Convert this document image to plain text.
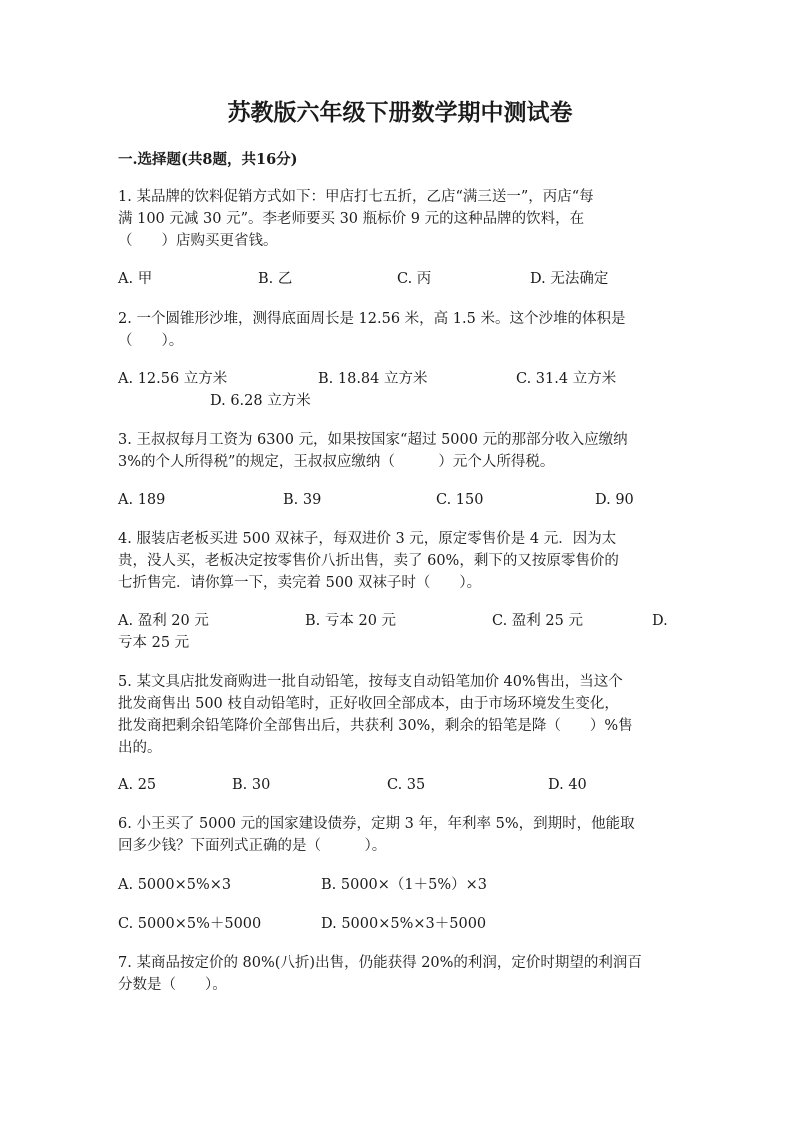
苏教版六年级下册数学期中测试卷
一.选择题(共8题，共16分)
1. 某品牌的饮料促销方式如下：甲店打七五折，乙店“满三送一”，丙店“每
满 100 元减 30 元”。李老师要买 30 瓶标价 9 元的这种品牌的饮料，在
（　　）店购买更省钱。
A. 甲	B. 乙	C. 丙	D. 无法确定
2. 一个圆锥形沙堆，测得底面周长是 12.56 米，高 1.5 米。这个沙堆的体积是
（　　）。
A. 12.56 立方米	B. 18.84 立方米	C. 31.4 立方米
D. 6.28 立方米
3. 王叔叔每月工资为 6300 元，如果按国家“超过 5000 元的那部分收入应缴纳
3%的个人所得税”的规定，王叔叔应缴纳（　　　）元个人所得税。
A. 189	B. 39	C. 150	D. 90
4. 服装店老板买进 500 双袜子，每双进价 3 元，原定零售价是 4 元．因为太
贵，没人买，老板决定按零售价八折出售，卖了 60%，剩下的又按原零售价的
七折售完．请你算一下，卖完着 500 双袜子时（　　）。
A. 盈利 20 元	B. 亏本 20 元	C. 盈利 25 元	D.
亏本 25 元
5. 某文具店批发商购进一批自动铅笔，按每支自动铅笔加价 40%售出，当这个
批发商售出 500 枝自动铅笔时，正好收回全部成本，由于市场环境发生变化，
批发商把剩余铅笔降价全部售出后，共获利 30%，剩余的铅笔是降（　　）%售
出的。
A. 25	B. 30	C. 35	D. 40
6. 小王买了 5000 元的国家建设债券，定期 3 年，年利率 5%，到期时，他能取
回多少钱？下面列式正确的是（　　　）。
A. 5000×5%×3	B. 5000×（1＋5%）×3
C. 5000×5%＋5000	D. 5000×5%×3＋5000
7. 某商品按定价的 80%(八折)出售，仍能获得 20%的利润，定价时期望的利润百
分数是（　　）。
